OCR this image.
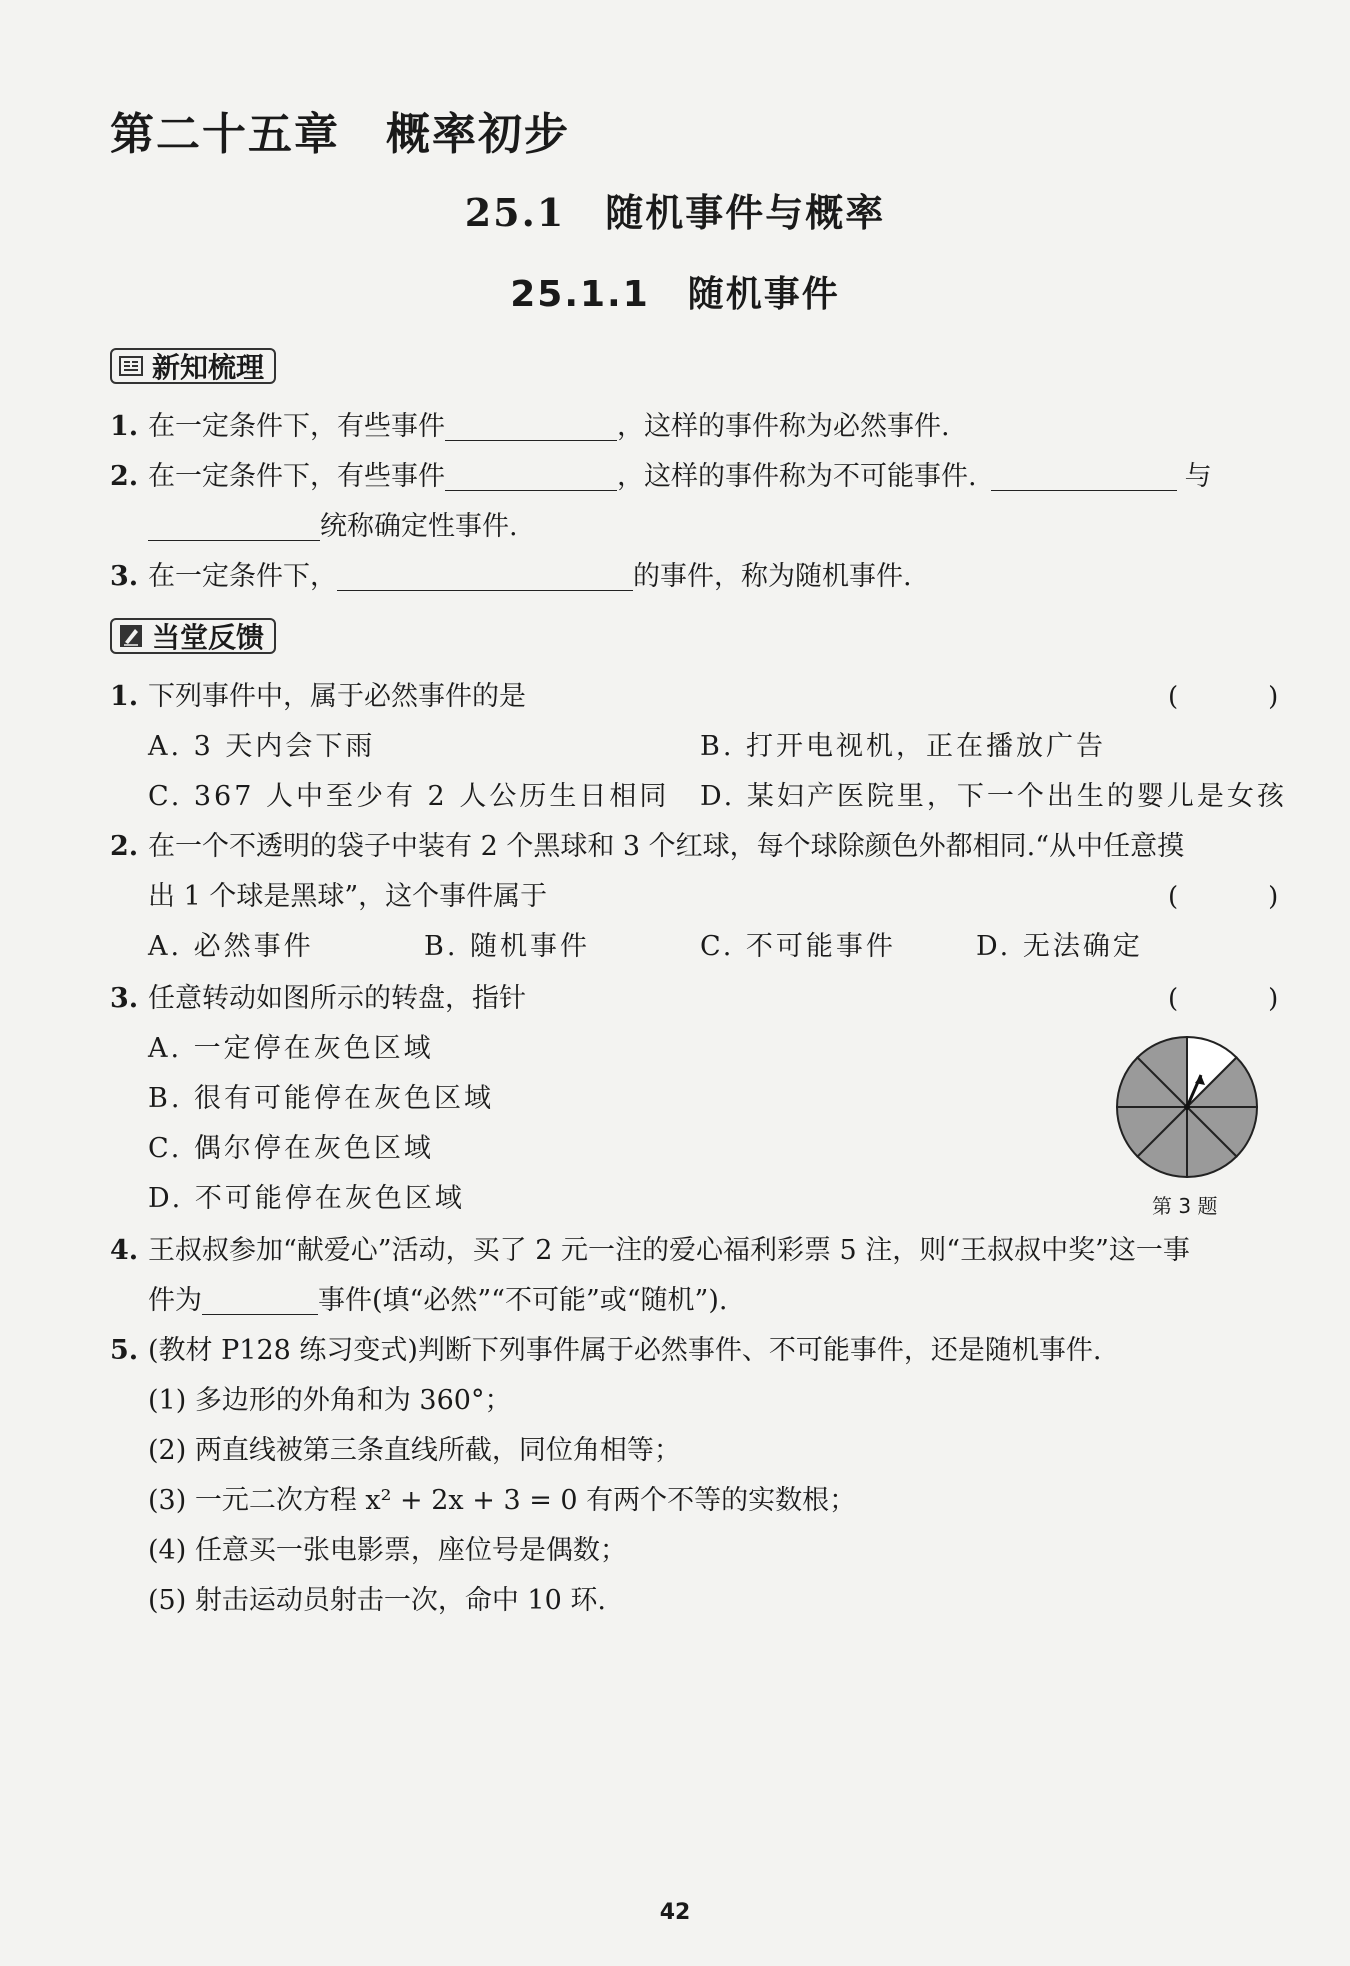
第二十五章　概率初步
25.1　随机事件与概率
25.1.1　随机事件
新知梳理
1. 在一定条件下，有些事件	，这样的事件称为必然事件.
2. 在一定条件下，有些事件	，这样的事件称为不可能事件.	与
统称确定性事件.
3. 在一定条件下，	的事件，称为随机事件.
当堂反馈
1. 下列事件中，属于必然事件的是	(　)
A. 3 天内会下雨	B. 打开电视机，正在播放广告
C. 367 人中至少有 2 人公历生日相同 D. 某妇产医院里，下一个出生的婴儿是女孩
2. 在一个不透明的袋子中装有 2 个黑球和 3 个红球，每个球除颜色外都相同.“从中任意摸
出 1 个球是黑球”，这个事件属于	(　)
A. 必然事件	B. 随机事件	C. 不可能事件	D. 无法确定
3. 任意转动如图所示的转盘，指针	(　)
A. 一定停在灰色区域
B. 很有可能停在灰色区域
C. 偶尔停在灰色区域
D. 不可能停在灰色区域	第 3 题
4. 王叔叔参加“献爱心”活动，买了 2 元一注的爱心福利彩票 5 注，则“王叔叔中奖”这一事
件为	事件(填“必然”“不可能”或“随机”).
5. (教材 P128 练习变式)判断下列事件属于必然事件、不可能事件，还是随机事件.
(1) 多边形的外角和为 360°；
(2) 两直线被第三条直线所截，同位角相等；
(3) 一元二次方程 x² + 2x + 3 = 0 有两个不等的实数根；
(4) 任意买一张电影票，座位号是偶数；
(5) 射击运动员射击一次，命中 10 环.
42
